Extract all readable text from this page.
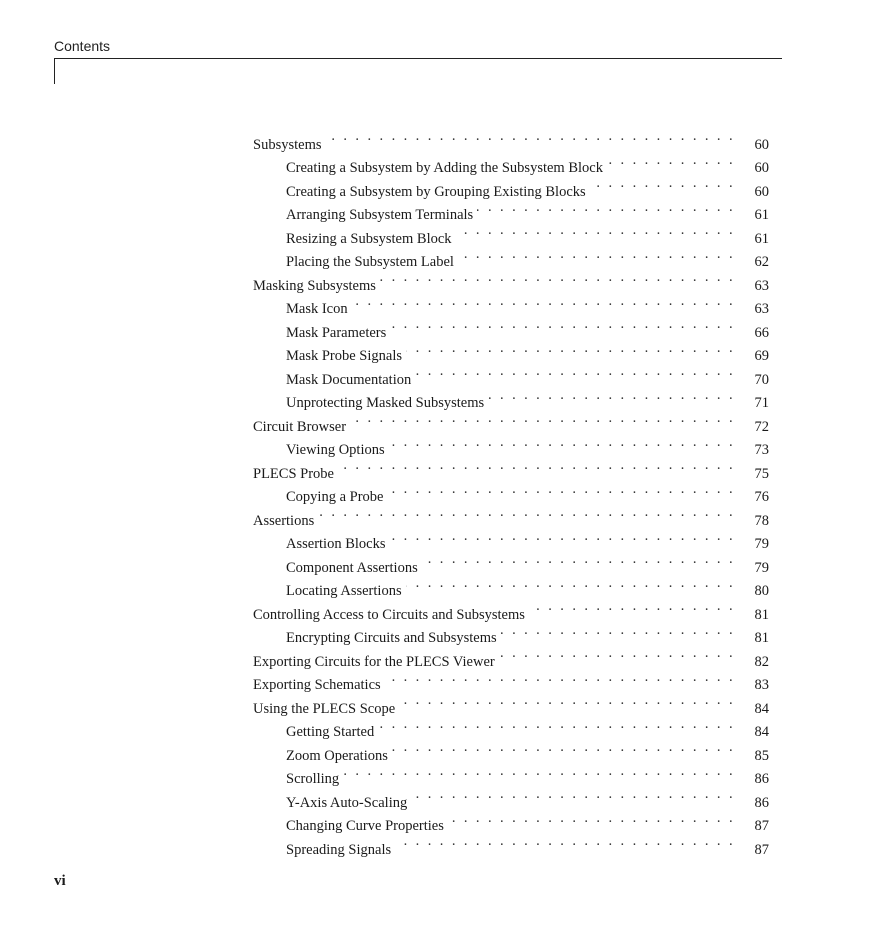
Contents
Subsystems . . .	60
Creating a Subsystem by Adding the Subsystem Block . . .	60
Creating a Subsystem by Grouping Existing Blocks . . .	60
Arranging Subsystem Terminals . . .	61
Resizing a Subsystem Block . . .	61
Placing the Subsystem Label . . .	62
Masking Subsystems . . .	63
Mask Icon . . .	63
Mask Parameters . . .	66
Mask Probe Signals . . .	69
Mask Documentation . . .	70
Unprotecting Masked Subsystems . . .	71
Circuit Browser . . .	72
Viewing Options . . .	73
PLECS Probe . . .	75
Copying a Probe . . .	76
Assertions . . .	78
Assertion Blocks . . .	79
Component Assertions . . .	79
Locating Assertions . . .	80
Controlling Access to Circuits and Subsystems . . .	81
Encrypting Circuits and Subsystems . . .	81
Exporting Circuits for the PLECS Viewer . . .	82
Exporting Schematics . . .	83
Using the PLECS Scope . . .	84
Getting Started . . .	84
Zoom Operations . . .	85
Scrolling . . .	86
Y-Axis Auto-Scaling . . .	86
Changing Curve Properties . . .	87
Spreading Signals . . .	87
vi
